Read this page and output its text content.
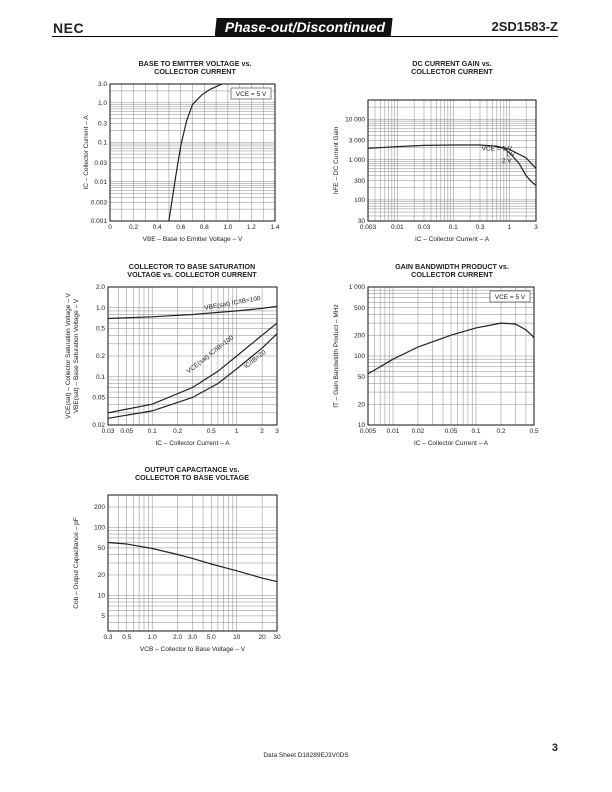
NEC	Phase-out/Discontinued	2SD1583-Z
BASE TO EMITTER VOLTAGE vs.
COLLECTOR CURRENT
0	0.2 0.4 0.6 0.8 1.0 1.2 1.4
3.0
1.0
0.3
0.1
0.03
0.01
0.003
0.001
VBE – Base to Emitter Voltage – V
IC – Collector Current – A
VCE = 5 V
DC CURRENT GAIN vs.
COLLECTOR CURRENT
0.003 0.01 0.03	0.1	0.3	1	3
10 000
3 000
1 000
300
100
30
IC – Collector Current – A
hFE – DC Current Gain	VCE = 5 V
1 V
2 V
COLLECTOR TO BASE SATURATION
VOLTAGE vs. COLLECTOR CURRENT
0.03 0.05 0.1	0.2	0.5	1	2 3
2.0
1.0
0.5
0.2
0.1
0.05
0.02
IC – Collector Current – A
VCE(sat) – Collector Saturation Voltage – V VBE(sat) – Base Saturation Voltage – V	VBE(sat) IC/IB=100
VCE(sat) IC/IB=100 IC/IB=20
GAIN BANDWIDTH PRODUCT vs.
COLLECTOR CURRENT
0.005 0.01 0.02	0.05 0.1 0.2	0.5
1 000
500
200
100
50
20
10
IC – Collector Current – A
fT – Gain Bandwidth Product – MHz
VCE = 5 V
OUTPUT CAPACITANCE vs.
COLLECTOR TO BASE VOLTAGE
0.3 0.5	1.0	2.0 3.0 5.0	10	20 30
200
100
50
20
10
5
VCB – Collector to Base Voltage – V
Cob – Output Capacitance – pF
3
Data Sheet D18289EJ3V0DS
